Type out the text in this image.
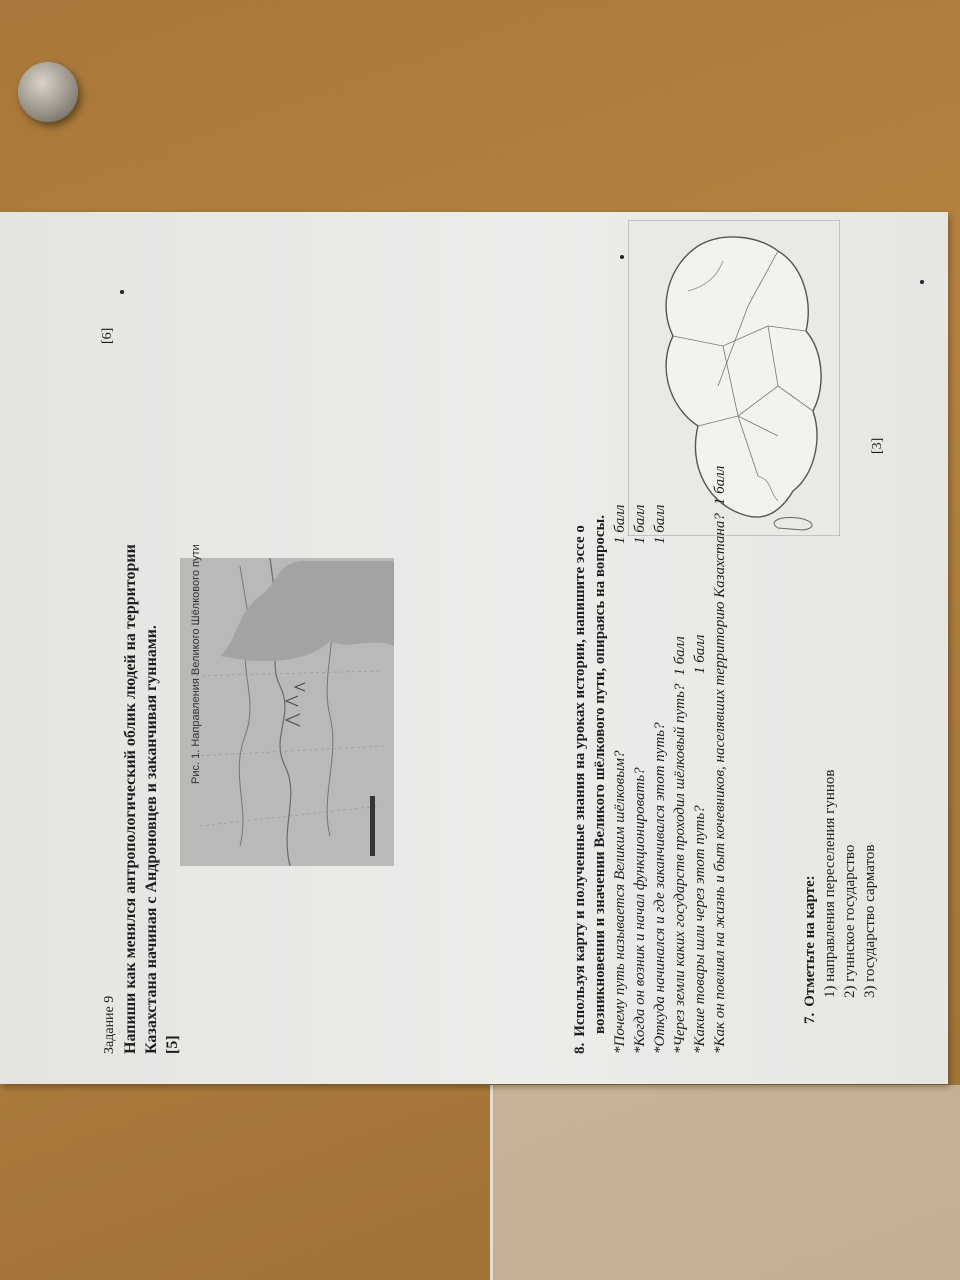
7.Отметьте на карте: 1) направления переселения гуннов 2) гуннское государство 3) государство сарматов
[3]
8.Используя карту и полученные знания на уроках истории, напишите эссе о возникновении и значении Великого шёлкового пути, опираясь на вопросы. *Почему путь называется Великим шёлковым?
1 балл
*Когда он возник и начал функционировать?
1 балл
*Откуда начинался и где заканчивался этот путь?
1 балл
*Через земли каких государств проходил шёлковый путь?1 балл
*Какие товары шли через этот путь?
1 балл *Как он повлиял на жизнь и быт кочевников, населявших территорию Казахстана?1 балл
Рис. 1. Направления Великого Шёлкового пути
Задание 9 Напиши как менялся антропологический облик людей на территории Казахстана начиная с Андроновцев и заканчивая гуннами. [5]
[6]
